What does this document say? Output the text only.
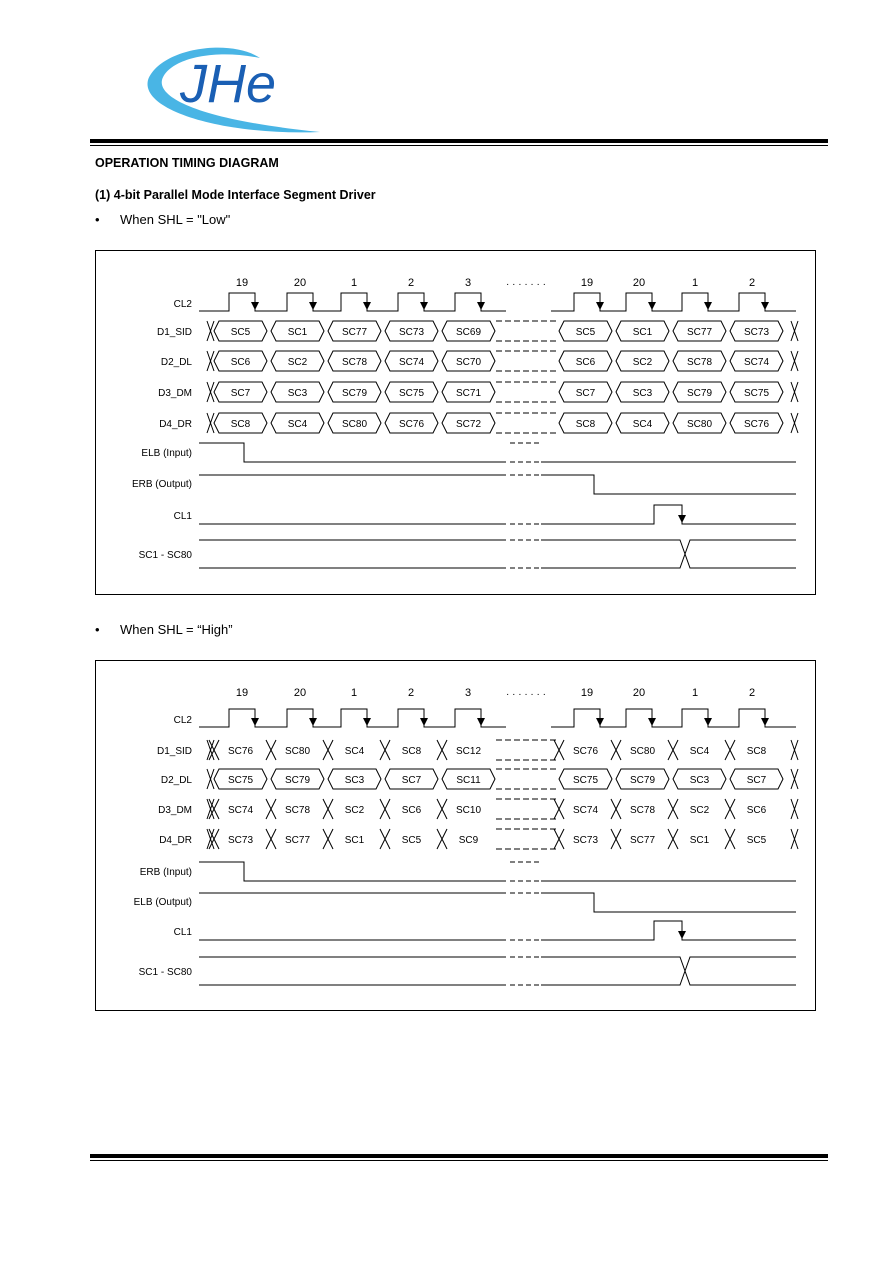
JHe
OPERATION TIMING DIAGRAM
(1) 4-bit Parallel Mode Interface Segment Driver
• When SHL = "Low"
19	20	1	2	3	19	20	1	2
· · · · · · ·
CL2
D1_SID	SC5	SC1	SC77	SC73	SC69	SC5	SC1	SC77	SC73
D2_DL	SC6	SC2	SC78	SC74	SC70	SC6	SC2	SC78	SC74
D3_DM	SC7	SC3	SC79	SC75	SC71	SC7	SC3	SC79	SC75
D4_DR	SC8	SC4	SC80	SC76	SC72	SC8	SC4	SC80	SC76
ELB (Input)
ERB (Output)
CL1
SC1 - SC80
• When SHL = “High”
19	20	1	2	3	19	20	1	2
· · · · · · ·
CL2
D1_SID	SC76	SC80	SC4	SC8	SC12	SC76	SC80	SC4	SC8
D2_DL	SC75	SC79	SC3	SC7	SC11	SC75	SC79	SC3	SC7
D3_DM	SC74	SC78	SC2	SC6	SC10	SC74	SC78	SC2	SC6
D4_DR	SC73	SC77	SC1	SC5	SC9	SC73	SC77	SC1	SC5
ERB (Input)
ELB (Output)
CL1
SC1 - SC80
